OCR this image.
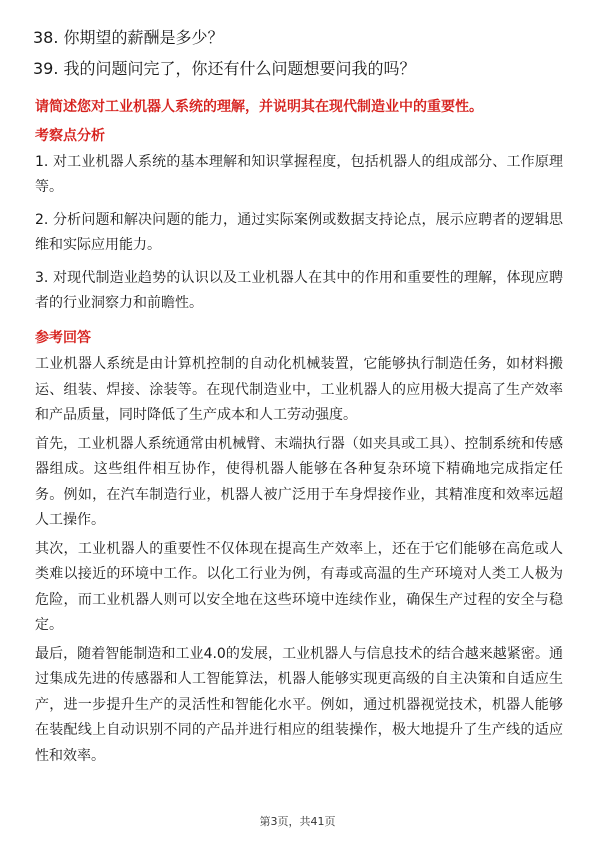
38. 你期望的薪酬是多少？
39. 我的问题问完了，你还有什么问题想要问我的吗？
请简述您对工业机器人系统的理解，并说明其在现代制造业中的重要性。
考察点分析

1. 对工业机器人系统的基本理解和知识掌握程度，包括机器人的组成部分、工作原理等。

2. 分析问题和解决问题的能力，通过实际案例或数据支持论点，展示应聘者的逻辑思维和实际应用能力。

3. 对现代制造业趋势的认识以及工业机器人在其中的作用和重要性的理解，体现应聘者的行业洞察力和前瞻性。

参考回答

工业机器人系统是由计算机控制的自动化机械装置，它能够执行制造任务，如材料搬运、组装、焊接、涂装等。在现代制造业中，工业机器人的应用极大提高了生产效率和产品质量，同时降低了生产成本和人工劳动强度。

首先，工业机器人系统通常由机械臂、末端执行器（如夹具或工具）、控制系统和传感器组成。这些组件相互协作，使得机器人能够在各种复杂环境下精确地完成指定任务。例如，在汽车制造行业，机器人被广泛用于车身焊接作业，其精准度和效率远超人工操作。

其次，工业机器人的重要性不仅体现在提高生产效率上，还在于它们能够在高危或人类难以接近的环境中工作。以化工行业为例，有毒或高温的生产环境对人类工人极为危险，而工业机器人则可以安全地在这些环境中连续作业，确保生产过程的安全与稳定。

最后，随着智能制造和工业4.0的发展，工业机器人与信息技术的结合越来越紧密。通过集成先进的传感器和人工智能算法，机器人能够实现更高级的自主决策和自适应生产，进一步提升生产的灵活性和智能化水平。例如，通过机器视觉技术，机器人能够在装配线上自动识别不同的产品并进行相应的组装操作，极大地提升了生产线的适应性和效率。

第3页，共41页
